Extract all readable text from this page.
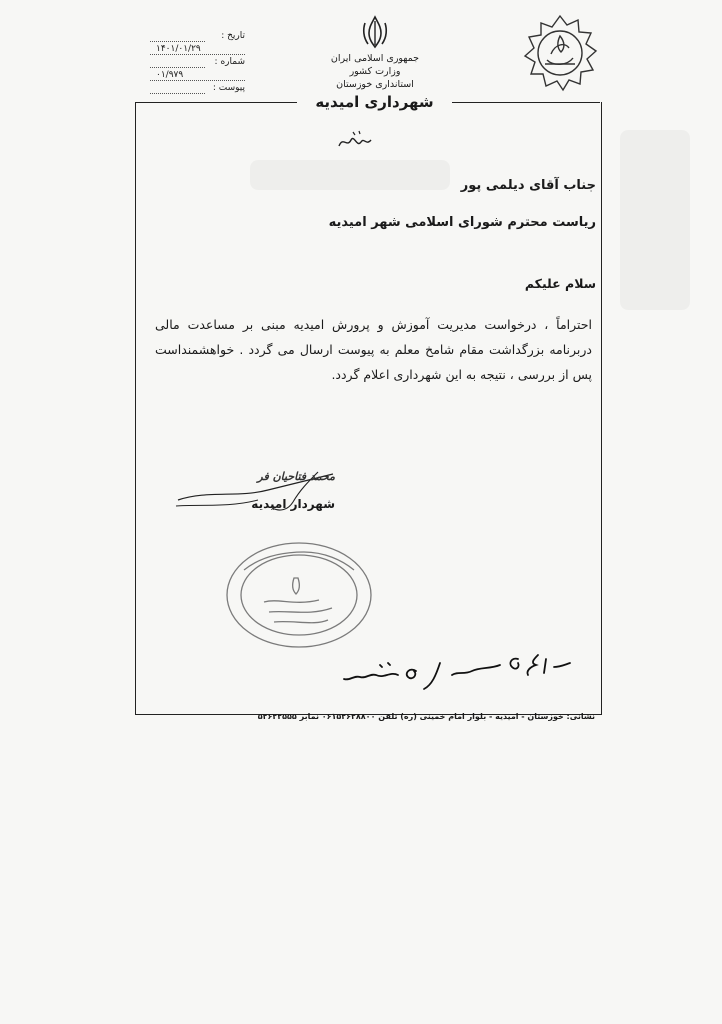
تاریخ :
۱۴۰۱/۰۱/۲۹
شماره :
۰۱/۹۷۹
پیوست :
جمهوری اسلامی ایران
وزارت کشور
استانداری خوزستان
شهرداری امیدیه
جناب آقای دیلمی پور
ریاست محترم شورای اسلامی شهر امیدیه
سلام علیکم
احتراماً ، درخواست مدیریت آموزش و پرورش امیدیه مبنی بر مساعدت مالی دربرنامه بزرگداشت مقام شامخ معلم به پیوست ارسال می گردد . خواهشمنداست پس از بررسی ، نتیجه به این شهرداری اعلام گردد.
محمد فتاحیان فر
شهردار امیدیه
نشانی: خوزستان - امیدیه - بلوار امام خمینی (ره) تلفن ۰۶۱۵۲۶۲۸۸۰۰ نمابر ۵۲۶۲۲۵۵۵
